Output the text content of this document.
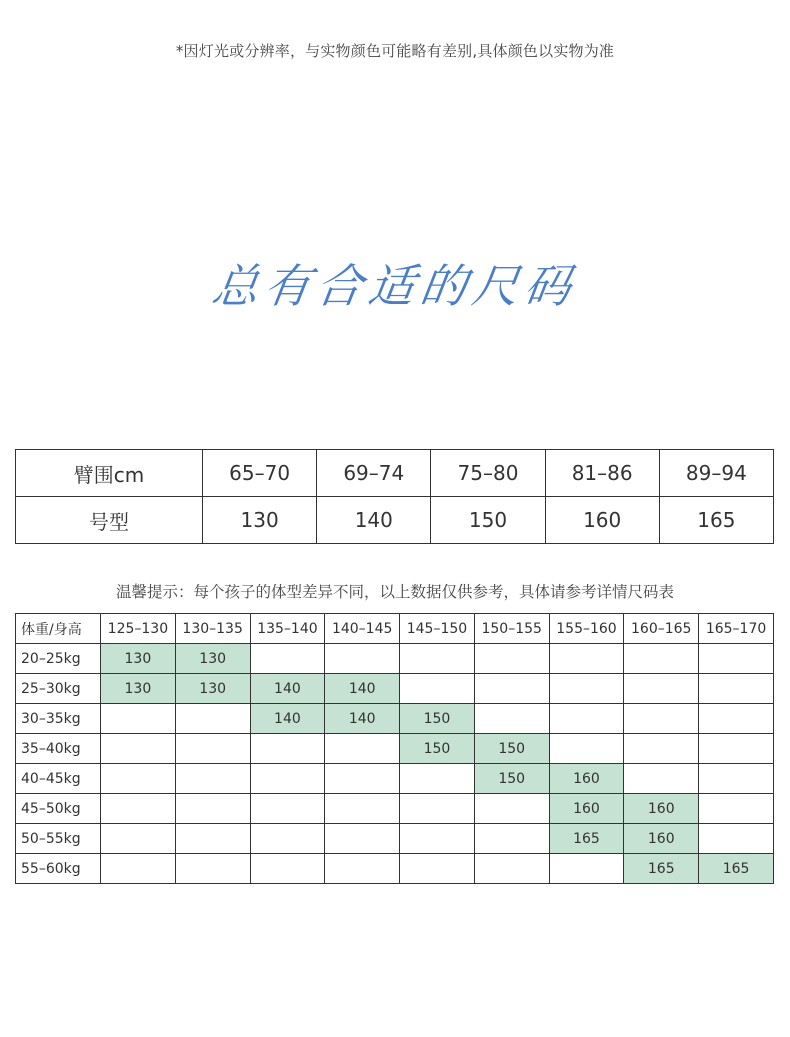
*因灯光或分辨率，与实物颜色可能略有差别,具体颜色以实物为准
总有合适的尺码
臂围cm	65–70	69–74	75–80	81–86	89–94
号型	130	140	150	160	165
温馨提示：每个孩子的体型差异不同，以上数据仅供参考，具体请参考详情尺码表
体重/身高	125–130	130–135	135–140	140–145	145–150	150–155	155–160	160–165	165–170
20–25kg	130	130							
25–30kg	130	130	140	140					
30–35kg			140	140	150				
35–40kg					150	150			
40–45kg						150	160		
45–50kg							160	160	
50–55kg							165	160	
55–60kg								165	165
